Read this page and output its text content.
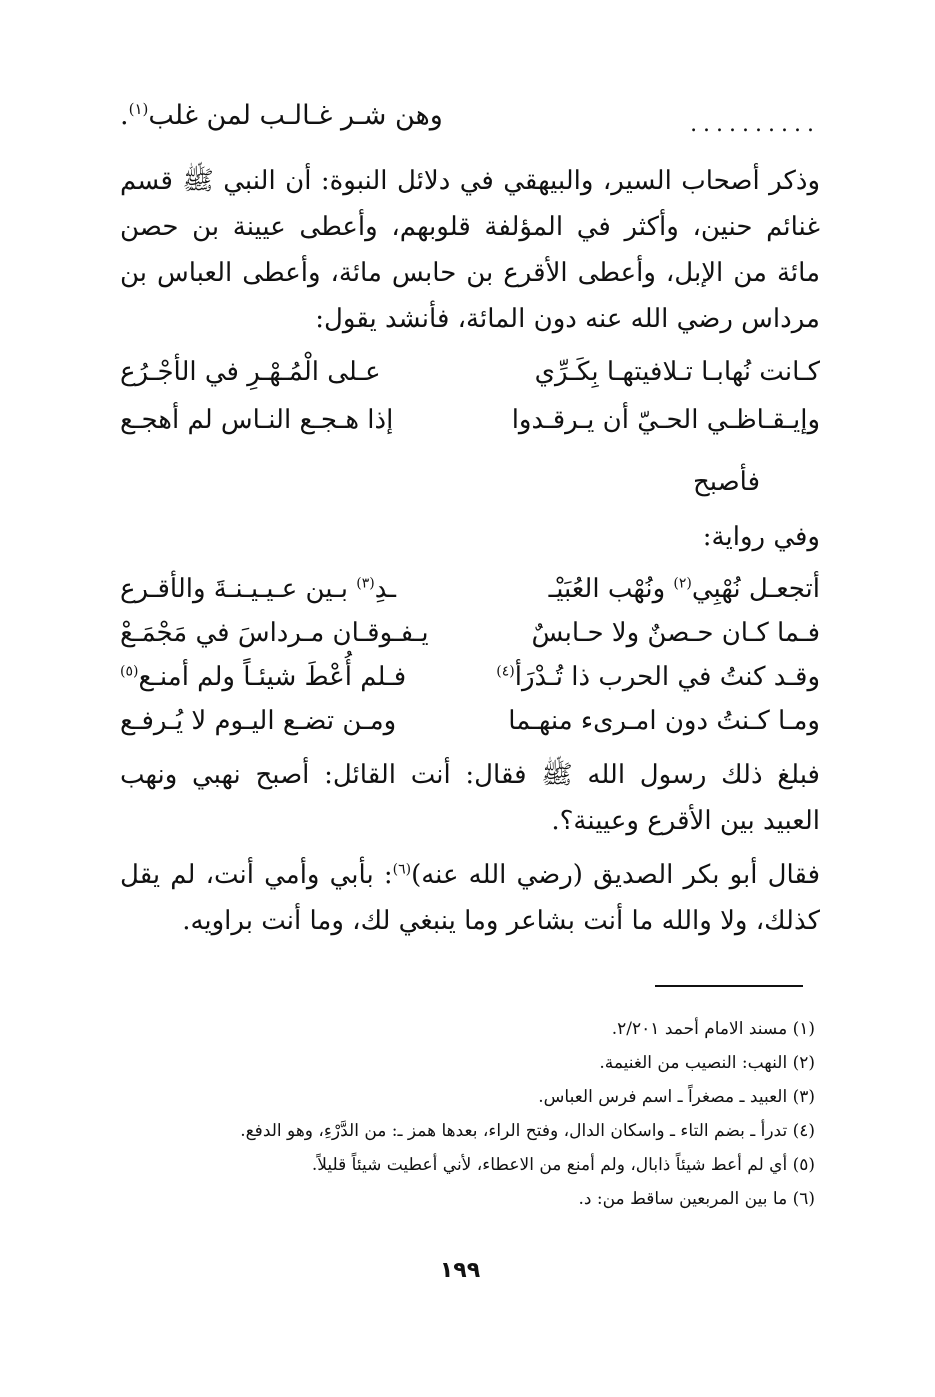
..........
وهن شـر غـالـب لمن غلب$^{(١)}$.
وذكر أصحاب السير، والبيهقي في دلائل النبوة: أن النبي ﷺ قسم غنائم حنين، وأكثر في المؤلفة قلوبهم، وأعطى عيينة بن حصن مائة من الإبل، وأعطى الأقرع بن حابس مائة، وأعطى العباس بن مرداس رضي الله عنه دون المائة، فأنشد يقول:
كـانت نُهابـا تـلافيتهـا بِكَـرِّي
عـلى الْمُـهْـرِ في الأجْـرُع
وإيـقـاظـي الحـيّ أن يـرقـدوا
إذا هـجـع النـاس لم أهجـع
فأصبح
وفي رواية:
أتجعـل نُهْبِي$^{(٢)}$ ونُهْب العُبَيْـ
ـدِ$^{(٣)}$ بـين عـيـيـنـةَ والأقـرع
فـما كـان حـصنٌ ولا حـابسٌ
يـفـوقـان مـرداسَ في مَجْمَـعْ
وقـد كنتُ في الحرب ذا تُـدْرَأ$^{(٤)}$
فـلم أُعْطَ شيئـاً ولم أمنـع$^{(٥)}$
ومـا كـنتُ دون امـرىء منهـما
ومـن تضـع اليـوم لا يُـرفـع
فبلغ ذلك رسول الله ﷺ فقال: أنت القائل: أصبح نهبي ونهب العبيد بين الأقرع وعيينة؟.
فقال أبو بكر الصديق (رضي الله عنه)$^{(٦)}$: بأبي وأمي أنت، لم يقل كذلك، ولا والله ما أنت بشاعر وما ينبغي لك، وما أنت براويه.
(١) مسند الامام أحمد ٢/٢٠١.
(٢) النهب: النصيب من الغنيمة.
(٣) العبيد ـ مصغراً ـ اسم فرس العباس.
(٤) تدرأ ـ بضم التاء ـ واسكان الدال، وفتح الراء، بعدها همز ـ: من الدَّرْءِ، وهو الدفع.
(٥) أي لم أعط شيئاً ذابال، ولم أمنع من الاعطاء، لأني أعطيت شيئاً قليلاً.
(٦) ما بين المربعين ساقط من: د.
١٩٩
